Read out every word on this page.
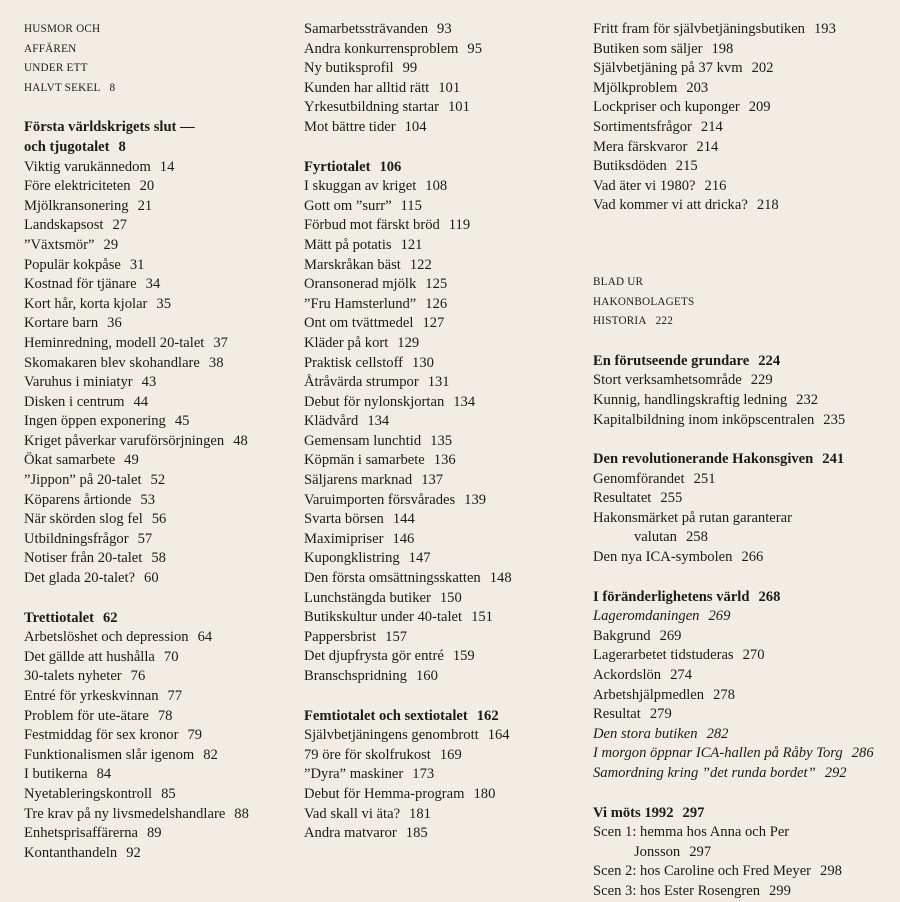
HUSMOR OCH
AFFÄREN
UNDER ETT
HALVT SEKEL 8
Första världskrigets slut —
och tjugotalet 8
Viktig varukännedom 14
Före elektriciteten 20
Mjölkransonering 21
Landskapsost 27
”Växtsmör” 29
Populär kokpåse 31
Kostnad för tjänare 34
Kort hår, korta kjolar 35
Kortare barn 36
Heminredning, modell 20-talet 37
Skomakaren blev skohandlare 38
Varuhus i miniatyr 43
Disken i centrum 44
Ingen öppen exponering 45
Kriget påverkar varuförsörjningen 48
Ökat samarbete 49
”Jippon” på 20-talet 52
Köparens årtionde 53
När skörden slog fel 56
Utbildningsfrågor 57
Notiser från 20-talet 58
Det glada 20-talet? 60
Trettiotalet 62
Arbetslöshet och depression 64
Det gällde att hushålla 70
30-talets nyheter 76
Entré för yrkeskvinnan 77
Problem för ute-ätare 78
Festmiddag för sex kronor 79
Funktionalismen slår igenom 82
I butikerna 84
Nyetableringskontroll 85
Tre krav på ny livsmedelshandlare 88
Enhetsprisaffärerna 89
Kontanthandeln 92
Samarbetssträvanden 93
Andra konkurrensproblem 95
Ny butiksprofil 99
Kunden har alltid rätt 101
Yrkesutbildning startar 101
Mot bättre tider 104
Fyrtiotalet 106
I skuggan av kriget 108
Gott om ”surr” 115
Förbud mot färskt bröd 119
Mätt på potatis 121
Marskråkan bäst 122
Oransonerad mjölk 125
”Fru Hamsterlund” 126
Ont om tvättmedel 127
Kläder på kort 129
Praktisk cellstoff 130
Åtråvärda strumpor 131
Debut för nylonskjortan 134
Klädvård 134
Gemensam lunchtid 135
Köpmän i samarbete 136
Säljarens marknad 137
Varuimporten försvårades 139
Svarta börsen 144
Maximipriser 146
Kupongklistring 147
Den första omsättningsskatten 148
Lunchstängda butiker 150
Butikskultur under 40-talet 151
Pappersbrist 157
Det djupfrysta gör entré 159
Branschspridning 160
Femtiotalet och sextiotalet 162
Självbetjäningens genombrott 164
79 öre för skolfrukost 169
”Dyra” maskiner 173
Debut för Hemma-program 180
Vad skall vi äta? 181
Andra matvaror 185
Fritt fram för självbetjäningsbutiken 193
Butiken som säljer 198
Självbetjäning på 37 kvm 202
Mjölkproblem 203
Lockpriser och kuponger 209
Sortimentsfrågor 214
Mera färskvaror 214
Butiksdöden 215
Vad äter vi 1980? 216
Vad kommer vi att dricka? 218
BLAD UR
HAKONBOLAGETS
HISTORIA 222
En förutseende grundare 224
Stort verksamhetsområde 229
Kunnig, handlingskraftig ledning 232
Kapitalbildning inom inköpscentralen 235
Den revolutionerande Hakonsgiven 241
Genomförandet 251
Resultatet 255
Hakonsmärket på rutan garanterar
valutan 258
Den nya ICA-symbolen 266
I föränderlighetens värld 268
Lageromdaningen 269
Bakgrund 269
Lagerarbetet tidstuderas 270
Ackordslön 274
Arbetshjälpmedlen 278
Resultat 279
Den stora butiken 282
I morgon öppnar ICA-hallen på Råby Torg 286
Samordning kring ”det runda bordet” 292
Vi möts 1992 297
Scen 1: hemma hos Anna och Per
Jonsson 297
Scen 2: hos Caroline och Fred Meyer 298
Scen 3: hos Ester Rosengren 299
